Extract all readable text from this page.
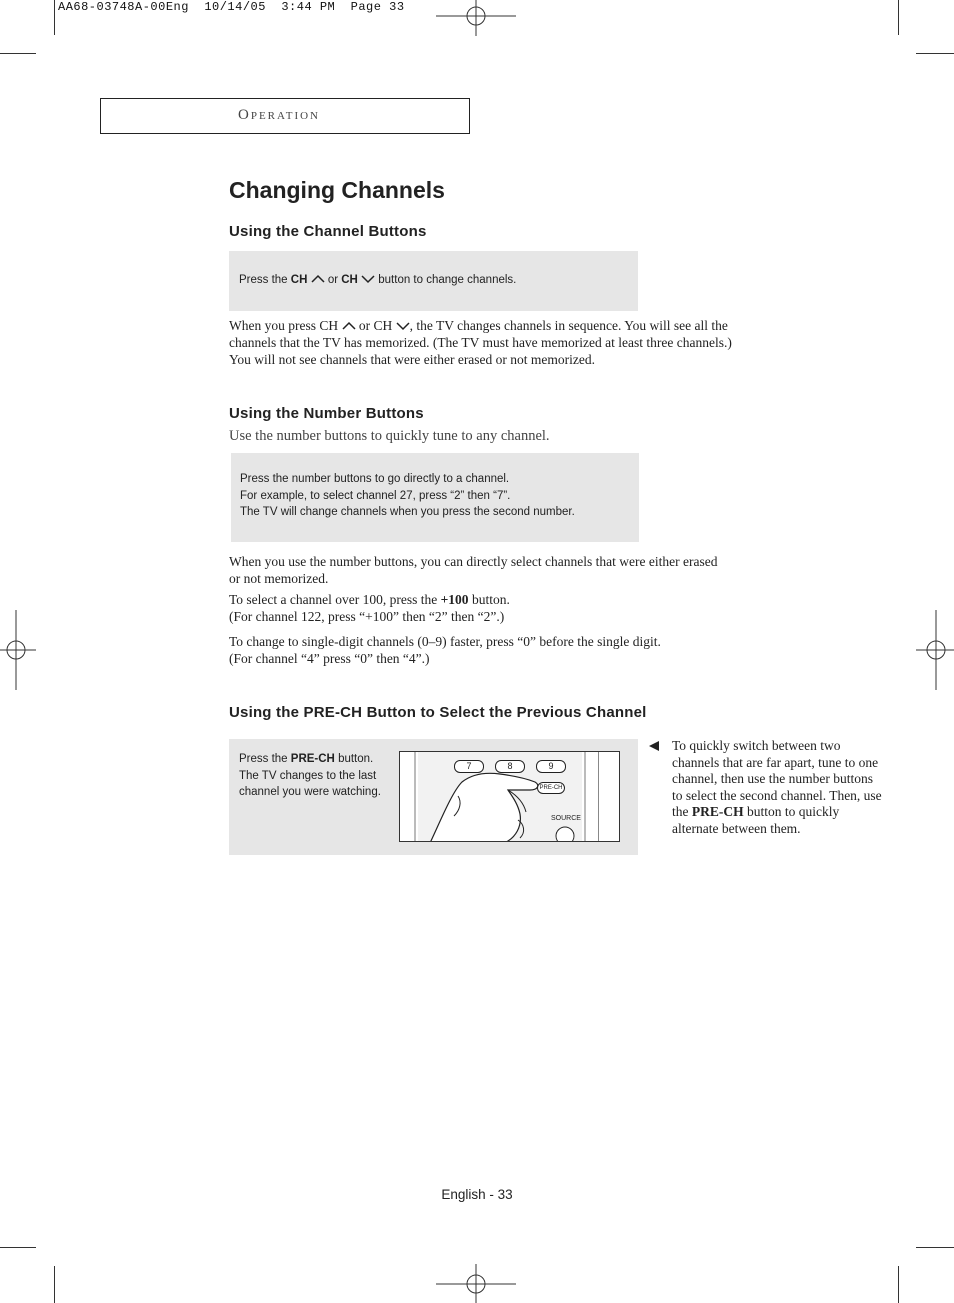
AA68-03748A-00Eng  10/14/05  3:44 PM  Page 33
Operation
Changing Channels
Using the Channel Buttons
Press the CH  or CH  button to change channels.
When you press CH  or CH , the TV changes channels in sequence. You will see all the
channels that the TV has memorized. (The TV must have memorized at least three channels.)
You will not see channels that were either erased or not memorized.
Using the Number Buttons
Use the number buttons to quickly tune to any channel.
Press the number buttons to go directly to a channel.
For example, to select channel 27, press “2” then “7”.
The TV will change channels when you press the second number.
When you use the number buttons, you can directly select channels that were either erased
or not memorized.
To select a channel over 100, press the +100 button.
(For channel 122, press “+100” then “2” then “2”.)
To change to single-digit channels (0–9) faster, press “0” before the single digit.
(For channel “4” press “0” then “4”.)
Using the PRE-CH Button to Select the Previous Channel
Press the PRE-CH button.
The TV changes to the last
channel you were watching.
7	8	9
PRE-CH
SOURCE
To quickly switch between two channels that are far apart, tune to one channel, then use the number buttons to select the second channel. Then, use the PRE-CH button to quickly alternate between them.
English - 33
